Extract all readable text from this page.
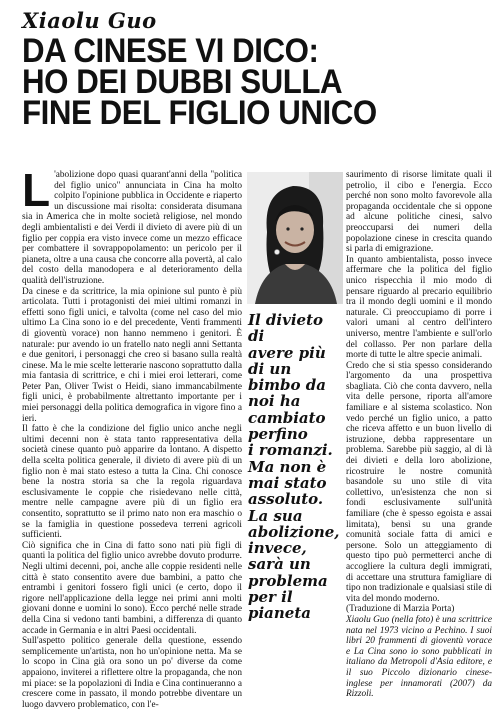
Xiaolu Guo
DA CINESE VI DICO:
HO DEI DUBBI SULLA
FINE DEL FIGLIO UNICO
L 'abolizione dopo quasi quarant'anni della "politica del figlio unico" annunciata in Cina ha molto colpito l'opinione pubblica in Occidente e riaperto un discussione mai risolta: considerata disumana sia in America che in molte società religiose, nel mondo degli ambientalisti e dei Verdi il divieto di avere più di un figlio per coppia era visto invece come un mezzo efficace per combattere il sovrappopolamento: un pericolo per il pianeta, oltre a una causa che concorre alla povertà, al calo del costo della manodopera e al deterioramento della qualità dell'istruzione.

Da cinese e da scrittrice, la mia opinione sul punto è più articolata. Tutti i protagonisti dei miei ultimi romanzi in effetti sono figli unici, e talvolta (come nel caso del mio ultimo La Cina sono io e del precedente, Venti frammenti di gioventù vorace) non hanno nemmeno i genitori. È naturale: pur avendo io un fratello nato negli anni Settanta e due genitori, i personaggi che creo si basano sulla realtà cinese. Ma le mie scelte letterarie nascono soprattutto dalla mia fantasia di scrittrice, e chi i miei eroi letterari, come Peter Pan, Oliver Twist o Heidi, siano immancabilmente figli unici, è probabilmente altrettanto importante per i miei personaggi della politica demografica in vigore fino a ieri.

Il fatto è che la condizione del figlio unico anche negli ultimi decenni non è stata tanto rappresentativa della società cinese quanto può apparire da lontano. A dispetto della scelta politica generale, il divieto di avere più di un figlio non è mai stato esteso a tutta la Cina. Chi conosce bene la nostra storia sa che la regola riguardava esclusivamente le coppie che risiedevano nelle città, mentre nelle campagne avere più di un figlio era consentito, soprattutto se il primo nato non era maschio o se la famiglia in questione possedeva terreni agricoli sufficienti.

Ciò significa che in Cina di fatto sono nati più figli di quanti la politica del figlio unico avrebbe dovuto produrre. Negli ultimi decenni, poi, anche alle coppie residenti nelle città è stato consentito avere due bambini, a patto che entrambi i genitori fossero figli unici (e certo, dopo il rigore nell'applicazione della legge nei primi anni molti giovani donne e uomini lo sono). Ecco perché nelle strade della Cina si vedono tanti bambini, a differenza di quanto accade in Germania e in altri Paesi occidentali.

Sull'aspetto politico generale della questione, essendo semplicemente un'artista, non ho un'opinione netta. Ma se lo scopo in Cina già ora sono un po' diverse da come appaiono, inviterei a riflettere oltre la propaganda, che non mi piace: se la popolazioni di India e Cina continueranno a crescere come in passato, il mondo potrebbe diventare un luogo davvero problematico, con l'e-

Il divieto di
avere più
di un
bimbo da
noi ha
cambiato
perfino
i romanzi.
Ma non è
mai stato
assoluto.
La sua
abolizione,
invece,
sarà un
problema
per il
pianeta

saurimento di risorse limitate quali il petrolio, il cibo e l'energia. Ecco perché non sono molto favorevole alla propaganda occidentale che si oppone ad alcune politiche cinesi, salvo preoccuparsi dei numeri della popolazione cinese in crescita quando si parla di emigrazione.

In quanto ambientalista, posso invece affermare che la politica del figlio unico rispecchia il mio modo di pensare riguardo al precario equilibrio tra il mondo degli uomini e il mondo naturale. Ci preoccupiamo di porre i valori umani al centro dell'intero universo, mentre l'ambiente e sull'orlo del collasso. Per non parlare della morte di tutte le altre specie animali.

Credo che si stia spesso considerando l'argomento da una prospettiva sbagliata. Ciò che conta davvero, nella vita delle persone, riporta all'amore familiare e al sistema scolastico. Non vedo perché un figlio unico, a patto che riceva affetto e un buon livello di istruzione, debba rappresentare un problema. Sarebbe più saggio, al di là dei divieti e della loro abolizione, ricostruire le nostre comunità basandole su uno stile di vita collettivo, un'esistenza che non si fondi esclusivamente sull'unità familiare (che è spesso egoista e assai limitata), bensì su una grande comunità sociale fatta di amici e persone. Solo un atteggiamento di questo tipo può permetterci anche di accogliere la cultura degli immigrati, di accettare una struttura famigliare di tipo non tradizionale e qualsiasi stile di vita del mondo moderno.

(Traduzione di Marzia Porta)

Xiaolu Guo (nella foto) è una scrittrice nata nel 1973 vicino a Pechino. I suoi libri 20 frammenti di gioventù vorace e La Cina sono io sono pubblicati in italiano da Metropoli d'Asia editore, e il suo Piccolo dizionario cinese-inglese per innamorati (2007) da Rizzoli.
